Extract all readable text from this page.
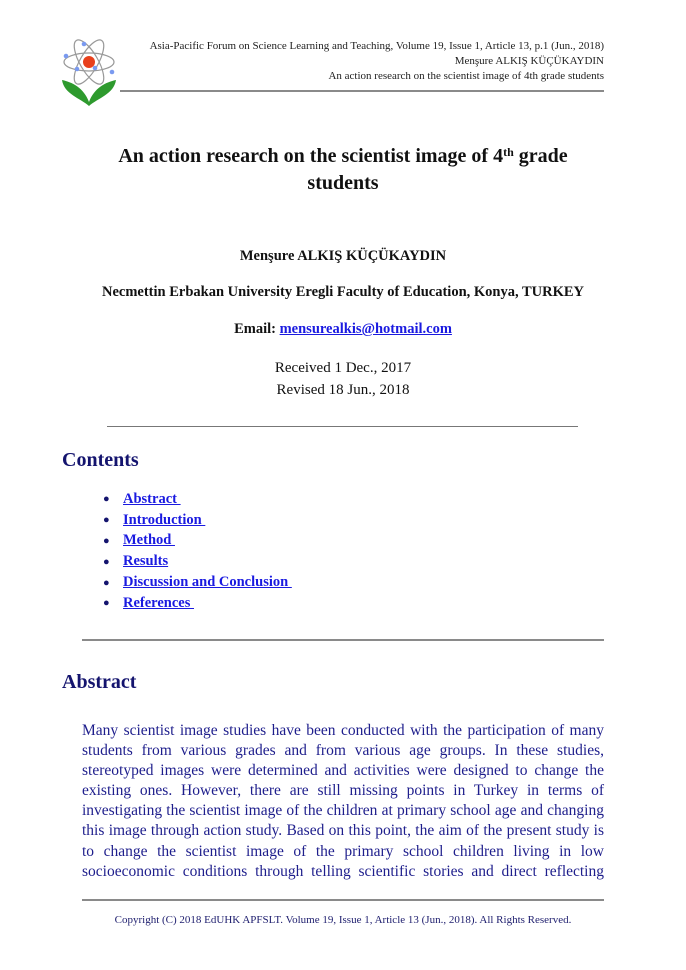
Asia-Pacific Forum on Science Learning and Teaching, Volume 19, Issue 1, Article 13, p.1 (Jun., 2018)
Menşure ALKIŞ KÜÇÜKAYDIN
An action research on the scientist image of 4th grade students
An action research on the scientist image of 4th grade
students
Menşure ALKIŞ KÜÇÜKAYDIN
Necmettin Erbakan University Eregli Faculty of Education, Konya, TURKEY
Email: mensurealkis@hotmail.com
Received 1 Dec., 2017
Revised 18 Jun., 2018
Contents
● Abstract
● Introduction
● Method
● Results
● Discussion and Conclusion
● References
Abstract
Many scientist image studies have been conducted with the participation of many
students from various grades and from various age groups. In these studies,
stereotyped images were determined and activities were designed to change the
existing ones. However, there are still missing points in Turkey in terms of
investigating the scientist image of the children at primary school age and changing
this image through action study. Based on this point, the aim of the present study is
to change the scientist image of the primary school children living in low
socioeconomic conditions through telling scientific stories and direct reflecting
Copyright (C) 2018 EdUHK APFSLT. Volume 19, Issue 1, Article 13 (Jun., 2018). All Rights Reserved.
